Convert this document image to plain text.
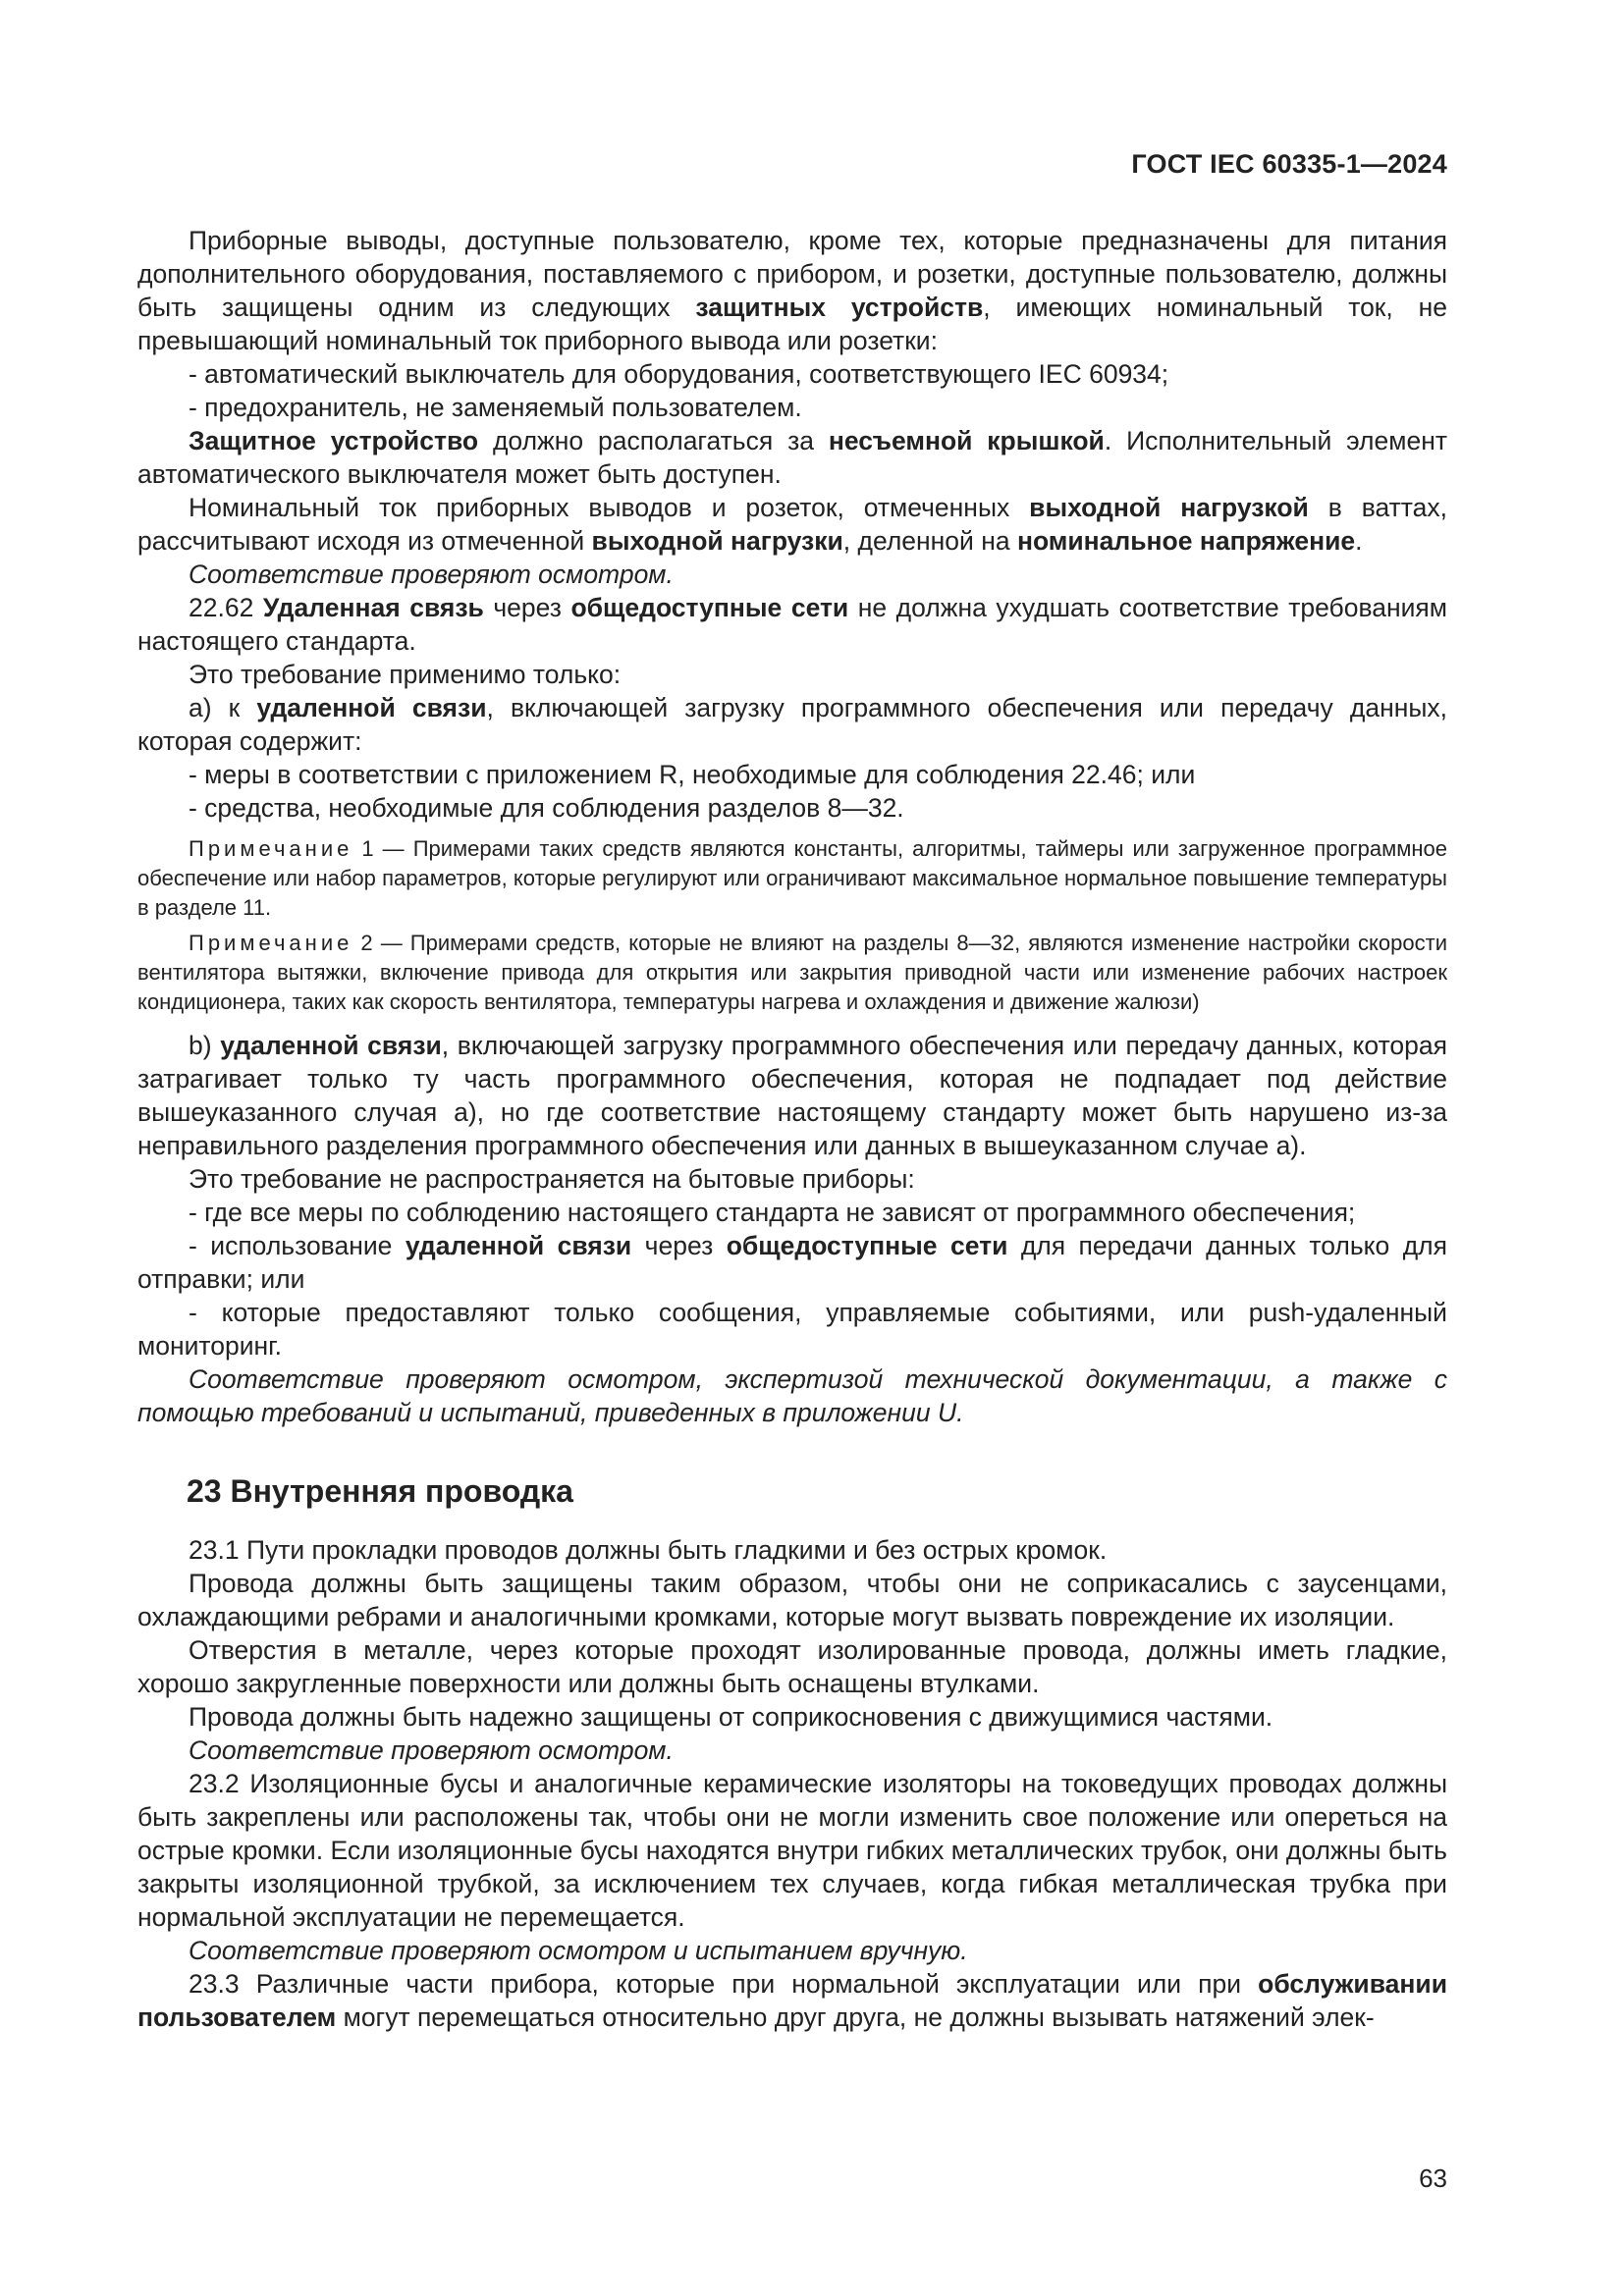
ГОСТ IEC 60335-1—2024

Приборные выводы, доступные пользователю, кроме тех, которые предназначены для питания дополнительного оборудования, поставляемого с прибором, и розетки, доступные пользователю, должны быть защищены одним из следующих защитных устройств, имеющих номинальный ток, не превышающий номинальный ток приборного вывода или розетки:

- автоматический выключатель для оборудования, соответствующего IEC 60934;

- предохранитель, не заменяемый пользователем.

Защитное устройство должно располагаться за несъемной крышкой. Исполнительный элемент автоматического выключателя может быть доступен.

Номинальный ток приборных выводов и розеток, отмеченных выходной нагрузкой в ваттах, рассчитывают исходя из отмеченной выходной нагрузки, деленной на номинальное напряжение.

Соответствие проверяют осмотром.

22.62 Удаленная связь через общедоступные сети не должна ухудшать соответствие требованиям настоящего стандарта.

Это требование применимо только:

a) к удаленной связи, включающей загрузку программного обеспечения или передачу данных, которая содержит:

- меры в соответствии с приложением R, необходимые для соблюдения 22.46; или

- средства, необходимые для соблюдения разделов 8—32.

Примечание 1 — Примерами таких средств являются константы, алгоритмы, таймеры или загруженное программное обеспечение или набор параметров, которые регулируют или ограничивают максимальное нормальное повышение температуры в разделе 11.
Примечание 2 — Примерами средств, которые не влияют на разделы 8—32, являются изменение настройки скорости вентилятора вытяжки, включение привода для открытия или закрытия приводной части или изменение рабочих настроек кондиционера, таких как скорость вентилятора, температуры нагрева и охлаждения и движение жалюзи)

b) удаленной связи, включающей загрузку программного обеспечения или передачу данных, которая затрагивает только ту часть программного обеспечения, которая не подпадает под действие вышеуказанного случая a), но где соответствие настоящему стандарту может быть нарушено из-за неправильного разделения программного обеспечения или данных в вышеуказанном случае a).

Это требование не распространяется на бытовые приборы:

- где все меры по соблюдению настоящего стандарта не зависят от программного обеспечения;

- использование удаленной связи через общедоступные сети для передачи данных только для отправки; или

- которые предоставляют только сообщения, управляемые событиями, или push-удаленный мониторинг.

Соответствие проверяют осмотром, экспертизой технической документации, а также с помощью требований и испытаний, приведенных в приложении U.

23 Внутренняя проводка

23.1 Пути прокладки проводов должны быть гладкими и без острых кромок.

Провода должны быть защищены таким образом, чтобы они не соприкасались с заусенцами, охлаждающими ребрами и аналогичными кромками, которые могут вызвать повреждение их изоляции.

Отверстия в металле, через которые проходят изолированные провода, должны иметь гладкие, хорошо закругленные поверхности или должны быть оснащены втулками.

Провода должны быть надежно защищены от соприкосновения с движущимися частями.

Соответствие проверяют осмотром.

23.2 Изоляционные бусы и аналогичные керамические изоляторы на токоведущих проводах должны быть закреплены или расположены так, чтобы они не могли изменить свое положение или опереться на острые кромки. Если изоляционные бусы находятся внутри гибких металлических трубок, они должны быть закрыты изоляционной трубкой, за исключением тех случаев, когда гибкая металлическая трубка при нормальной эксплуатации не перемещается.

Соответствие проверяют осмотром и испытанием вручную.

23.3 Различные части прибора, которые при нормальной эксплуатации или при обслуживании пользователем могут перемещаться относительно друг друга, не должны вызывать натяжений элек-

63
